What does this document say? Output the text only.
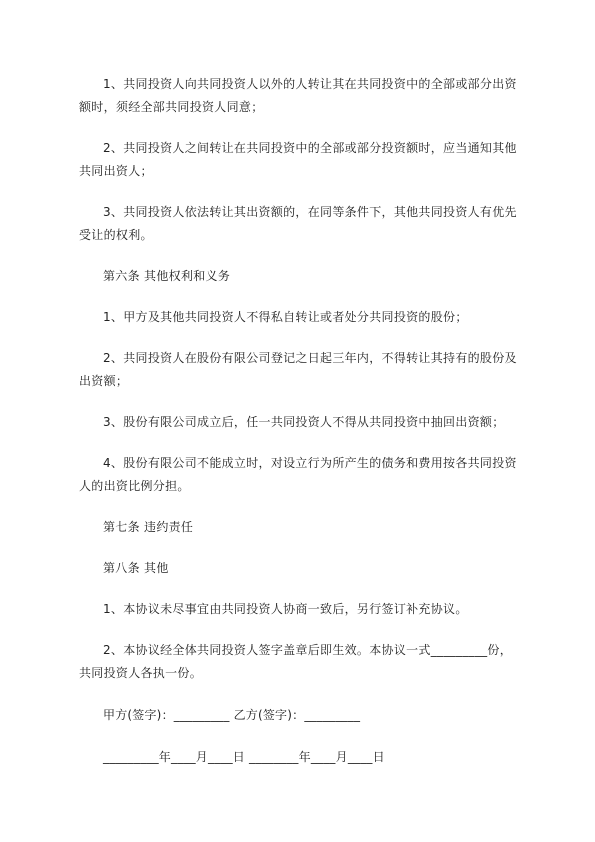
1、共同投资人向共同投资人以外的人转让其在共同投资中的全部或部分出资额时，须经全部共同投资人同意；

2、共同投资人之间转让在共同投资中的全部或部分投资额时，应当通知其他共同出资人；

3、共同投资人依法转让其出资额的，在同等条件下，其他共同投资人有优先受让的权利。

第六条 其他权利和义务

1、甲方及其他共同投资人不得私自转让或者处分共同投资的股份；

2、共同投资人在股份有限公司登记之日起三年内，不得转让其持有的股份及出资额；

3、股份有限公司成立后，任一共同投资人不得从共同投资中抽回出资额；

4、股份有限公司不能成立时，对设立行为所产生的债务和费用按各共同投资人的出资比例分担。

第七条 违约责任

第八条 其他

1、本协议未尽事宜由共同投资人协商一致后，另行签订补充协议。

2、本协议经全体共同投资人签字盖章后即生效。本协议一式_________份，共同投资人各执一份。

甲方(签字)：_________ 乙方(签字)：_________

_________年____月____日 ________年____月____日
